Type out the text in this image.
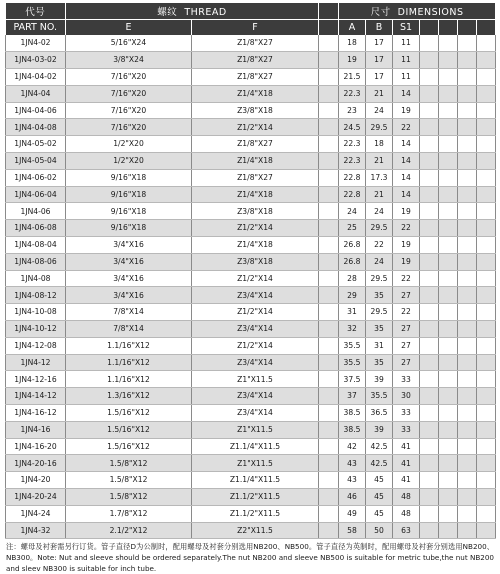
代号	螺纹 THREAD			尺寸 DIMENSIONS						
PART NO.	E	F		A	B	S1				
1JN4-02	5/16"X24	Z1/8"X27		18	17	11				
1JN4-03-02	3/8"X24	Z1/8"X27		19	17	11				
1JN4-04-02	7/16"X20	Z1/8"X27		21.5	17	11				
1JN4-04	7/16"X20	Z1/4"X18		22.3	21	14				
1JN4-04-06	7/16"X20	Z3/8"X18		23	24	19				
1JN4-04-08	7/16"X20	Z1/2"X14		24.5	29.5	22				
1JN4-05-02	1/2"X20	Z1/8"X27		22.3	18	14				
1JN4-05-04	1/2"X20	Z1/4"X18		22.3	21	14				
1JN4-06-02	9/16"X18	Z1/8"X27		22.8	17.3	14				
1JN4-06-04	9/16"X18	Z1/4"X18		22.8	21	14				
1JN4-06	9/16"X18	Z3/8"X18		24	24	19				
1JN4-06-08	9/16"X18	Z1/2"X14		25	29.5	22				
1JN4-08-04	3/4"X16	Z1/4"X18		26.8	22	19				
1JN4-08-06	3/4"X16	Z3/8"X18		26.8	24	19				
1JN4-08	3/4"X16	Z1/2"X14		28	29.5	22				
1JN4-08-12	3/4"X16	Z3/4"X14		29	35	27				
1JN4-10-08	7/8"X14	Z1/2"X14		31	29.5	22				
1JN4-10-12	7/8"X14	Z3/4"X14		32	35	27				
1JN4-12-08	1.1/16"X12	Z1/2"X14		35.5	31	27				
1JN4-12	1.1/16"X12	Z3/4"X14		35.5	35	27				
1JN4-12-16	1.1/16"X12	Z1"X11.5		37.5	39	33				
1JN4-14-12	1.3/16"X12	Z3/4"X14		37	35.5	30				
1JN4-16-12	1.5/16"X12	Z3/4"X14		38.5	36.5	33				
1JN4-16	1.5/16"X12	Z1"X11.5		38.5	39	33				
1JN4-16-20	1.5/16"X12	Z1.1/4"X11.5		42	42.5	41				
1JN4-20-16	1.5/8"X12	Z1"X11.5		43	42.5	41				
1JN4-20	1.5/8"X12	Z1.1/4"X11.5		43	45	41				
1JN4-20-24	1.5/8"X12	Z1.1/2"X11.5		46	45	48				
1JN4-24	1.7/8"X12	Z1.1/2"X11.5		49	45	48				
1JN4-32	2.1/2"X12	Z2"X11.5		58	50	63				
注：螺母及衬套需另行订货。管子直径D为公制时，配用螺母及衬套分别选用NB200、NB500。管子直径为英制时，配用螺母及衬套分别选用NB200、NB300。Note: Nut and sleeve should be ordered separately.The nut NB200 and sleeve NB500 is suitable for metric tube,the nut NB200 and sleev NB300 is suitable for inch tube.
